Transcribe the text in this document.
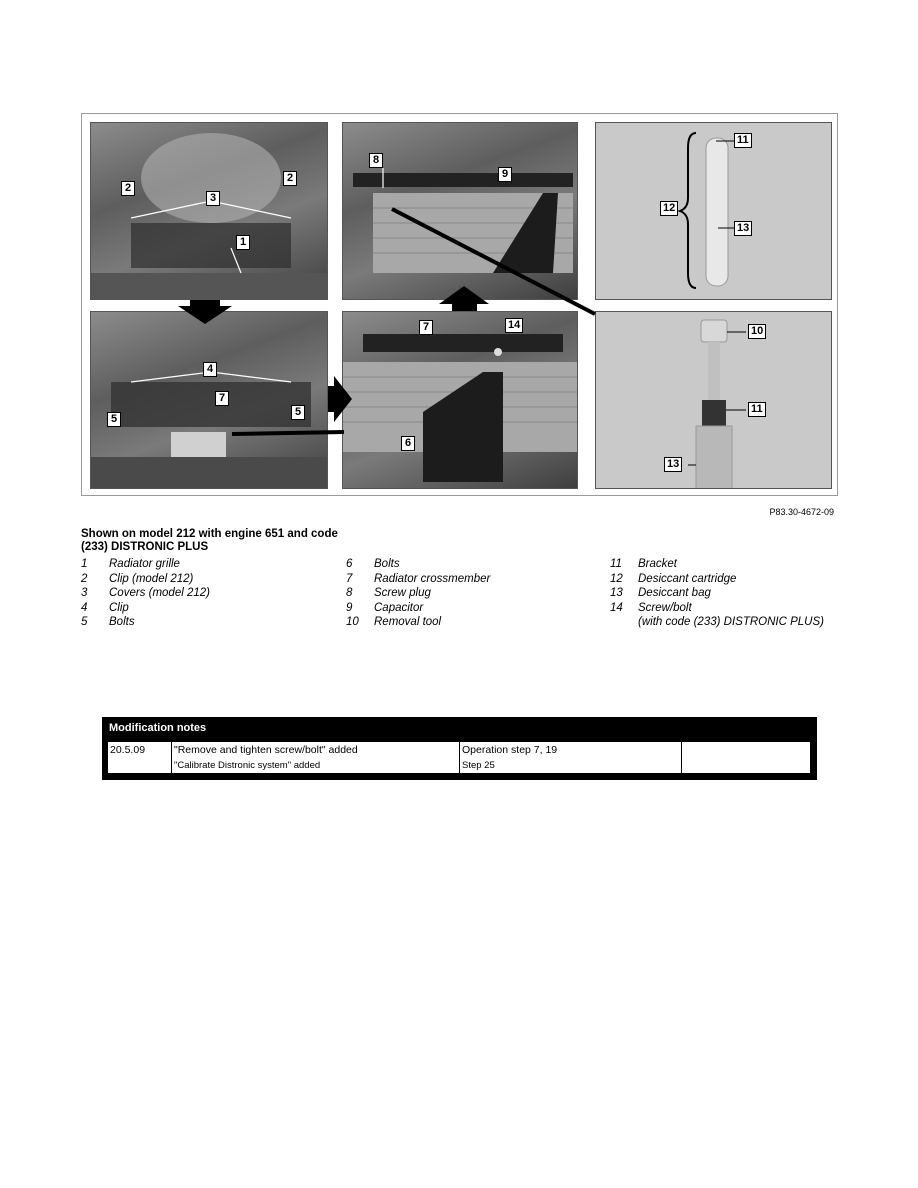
2
3
2
1
8
9
11
12
13
4
7
5
5
7	14
6
10
11
13
P83.30-4672-09
Shown on model 212 with engine 651 and code (233) DISTRONIC PLUS
1 Radiator grille
2 Clip (model 212)
3 Covers (model 212)
4 Clip
5 Bolts
6 Bolts
7 Radiator crossmember
8 Screw plug
9 Capacitor
10 Removal tool
11 Bracket
12 Desiccant cartridge
13 Desiccant bag
14 Screw/bolt
(with code (233) DISTRONIC PLUS)
Modification notes
20.5.09	"Remove and tighten screw/bolt" added
"Calibrate Distronic system" added
Operation step 7, 19
Step 25
